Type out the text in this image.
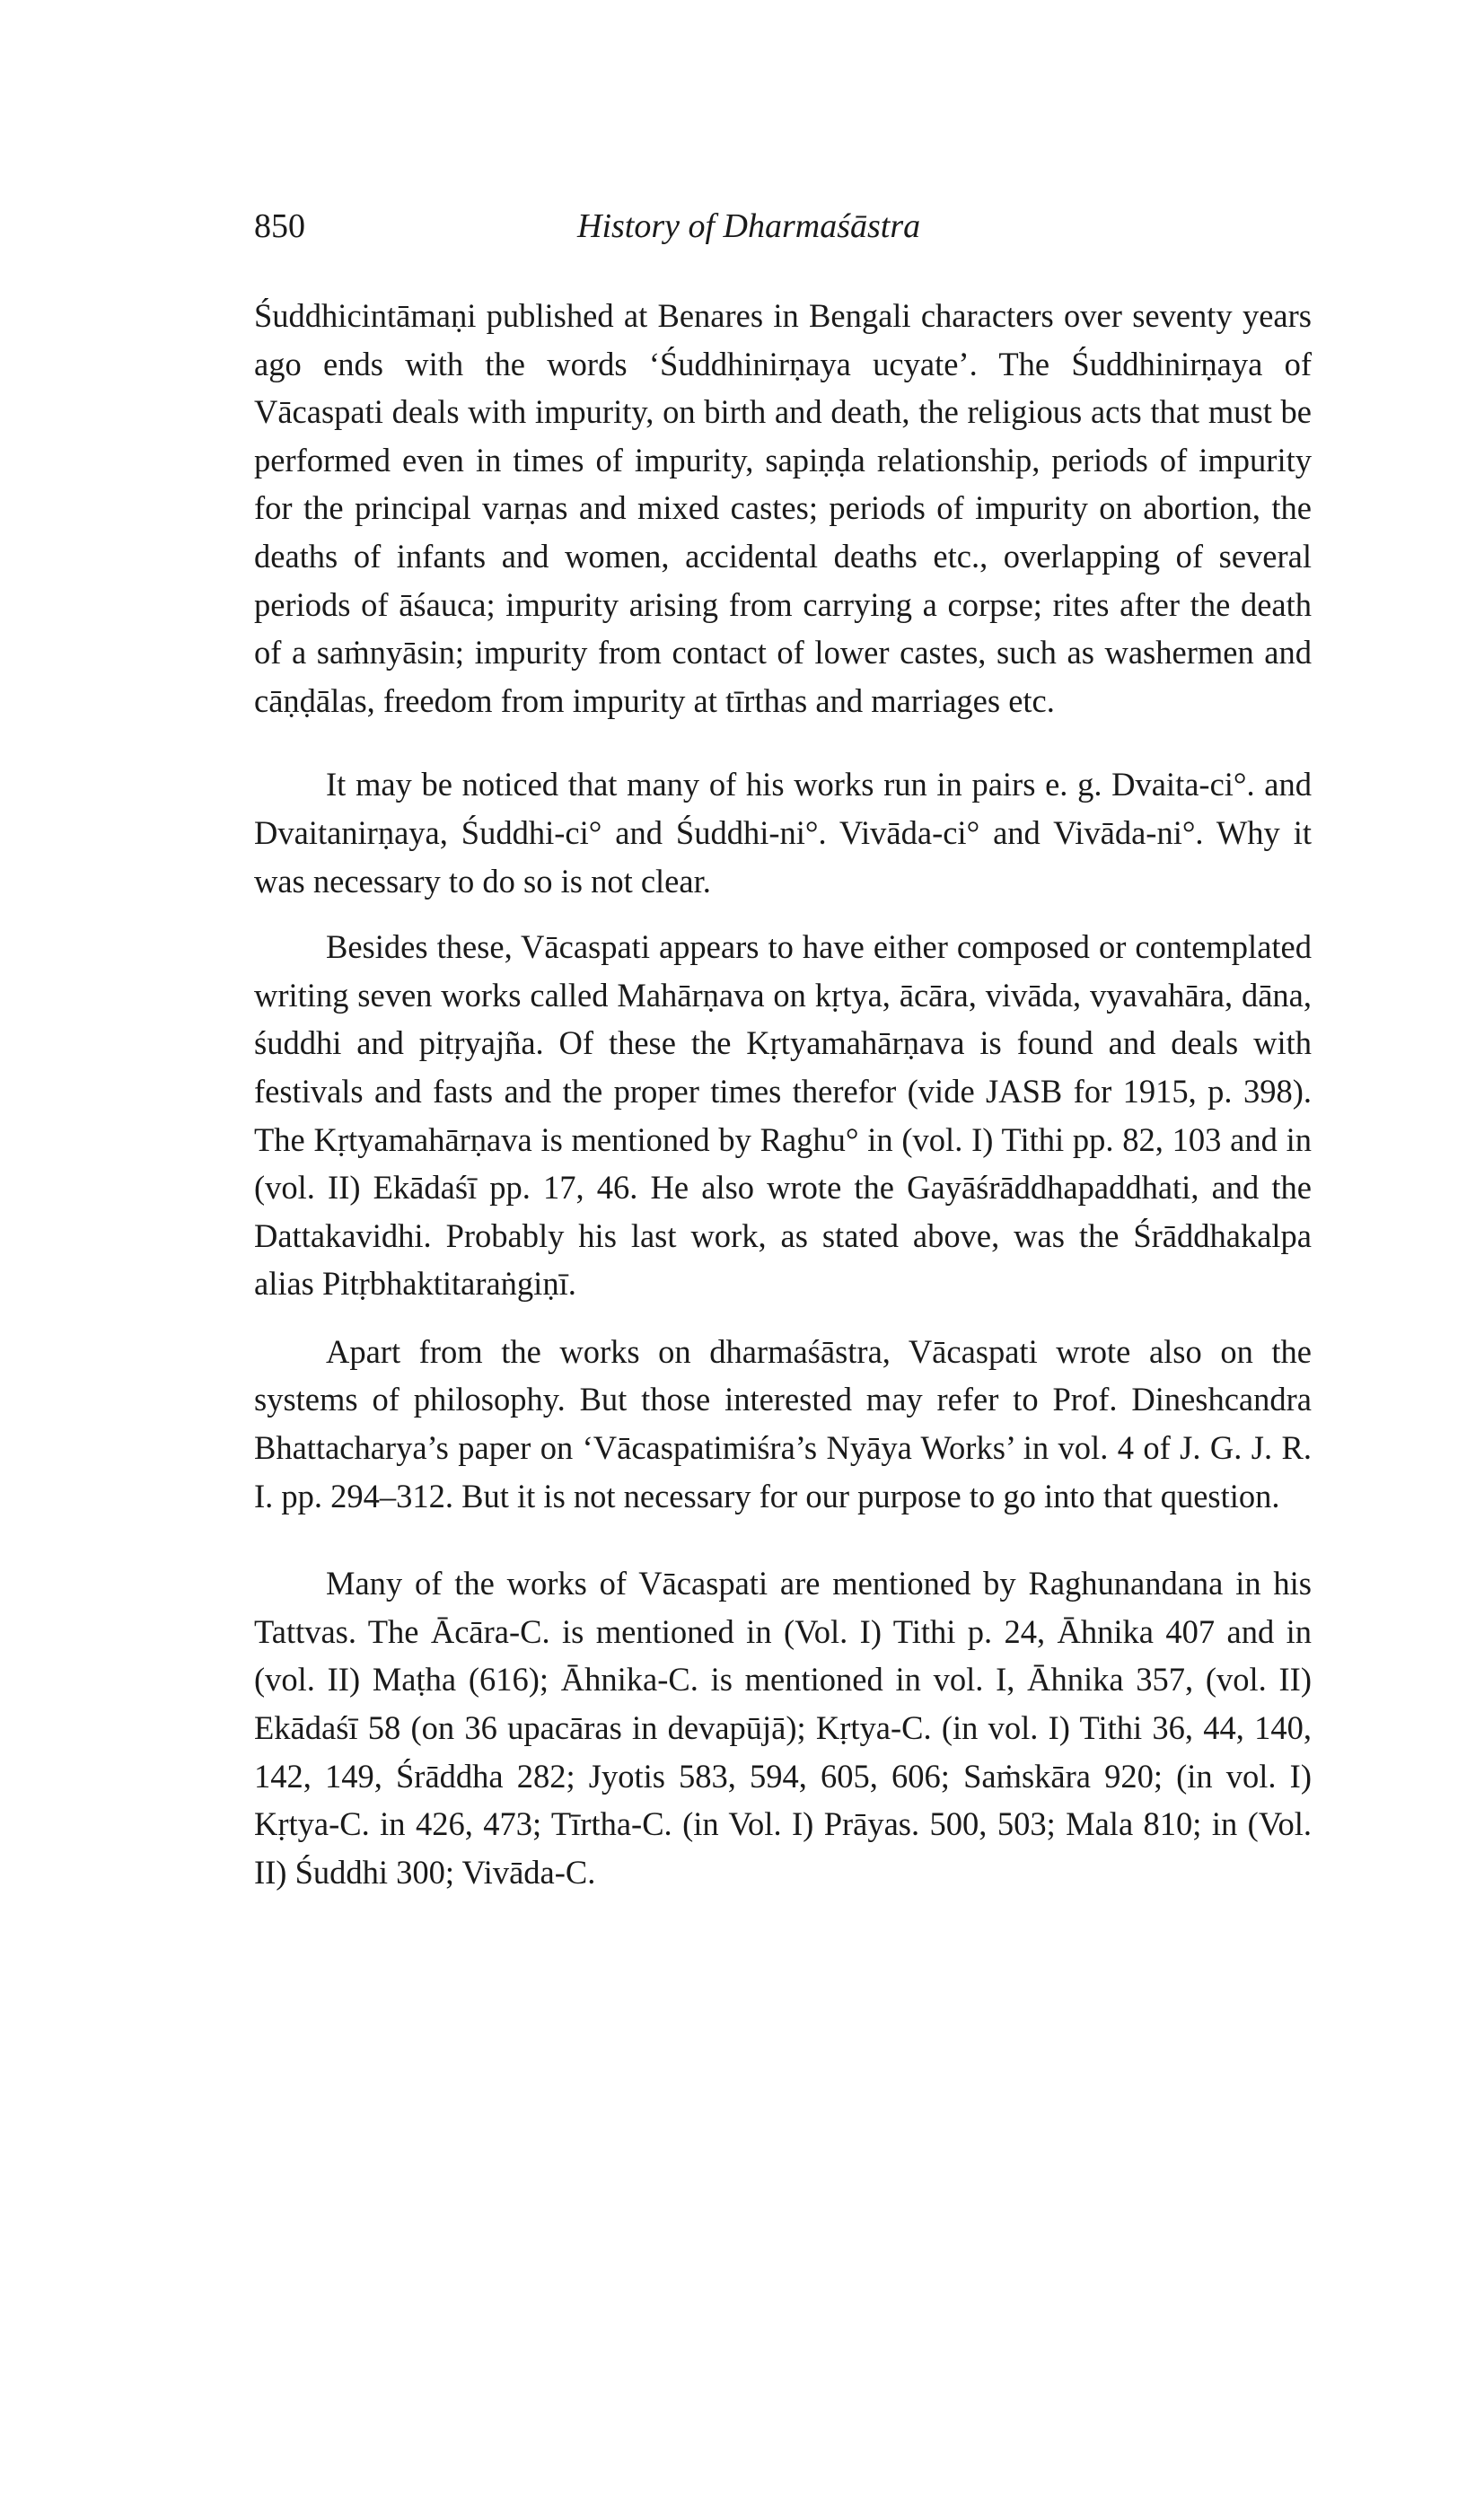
850	History of Dharmaśāstra

Śuddhicintāmaṇi published at Benares in Bengali characters over seventy years ago ends with the words ‘Śuddhinirṇaya ucyate’. The Śuddhinirṇaya of Vācaspati deals with impurity, on birth and death, the religious acts that must be performed even in times of impurity, sapiṇḍa relationship, periods of impurity for the principal varṇas and mixed castes; periods of impurity on abortion, the deaths of infants and women, accidental deaths etc., overlapping of several periods of āśauca; impurity arising from carrying a corpse; rites after the death of a saṁnyāsin; impurity from contact of lower castes, such as washermen and cāṇḍālas, freedom from impurity at tīrthas and marriages etc.

It may be noticed that many of his works run in pairs e. g. Dvaita-ci°. and Dvaitanirṇaya, Śuddhi-ci° and Śuddhi-ni°. Vivāda-ci° and Vivāda-ni°. Why it was necessary to do so is not clear.

Besides these, Vācaspati appears to have either composed or contemplated writing seven works called Mahārṇava on kṛtya, ācāra, vivāda, vyavahāra, dāna, śuddhi and pitṛyajña. Of these the Kṛtyamahārṇava is found and deals with festivals and fasts and the proper times therefor (vide JASB for 1915, p. 398). The Kṛtyamahārṇava is mentioned by Raghu° in (vol. I) Tithi pp. 82, 103 and in (vol. II) Ekādaśī pp. 17, 46. He also wrote the Gayāśrāddhapaddhati, and the Dattakavidhi. Probably his last work, as stated above, was the Śrāddhakalpa alias Pitṛbhaktitaraṅgiṇī.

Apart from the works on dharmaśāstra, Vācaspati wrote also on the systems of philosophy. But those interested may refer to Prof. Dineshcandra Bhattacharya’s paper on ‘Vācaspatimiśra’s Nyāya Works’ in vol. 4 of J. G. J. R. I. pp. 294–312. But it is not necessary for our purpose to go into that question.

Many of the works of Vācaspati are mentioned by Raghunandana in his Tattvas. The Ācāra-C. is mentioned in (Vol. I) Tithi p. 24, Āhnika 407 and in (vol. II) Maṭha (616); Āhnika-C. is mentioned in vol. I, Āhnika 357, (vol. II) Ekādaśī 58 (on 36 upacāras in devapūjā); Kṛtya-C. (in vol. I) Tithi 36, 44, 140, 142, 149, Śrāddha 282; Jyotis 583, 594, 605, 606; Saṁskāra 920; (in vol. I) Kṛtya-C. in 426, 473; Tīrtha-C. (in Vol. I) Prāyas. 500, 503; Mala 810; in (Vol. II) Śuddhi 300; Vivāda-C.
